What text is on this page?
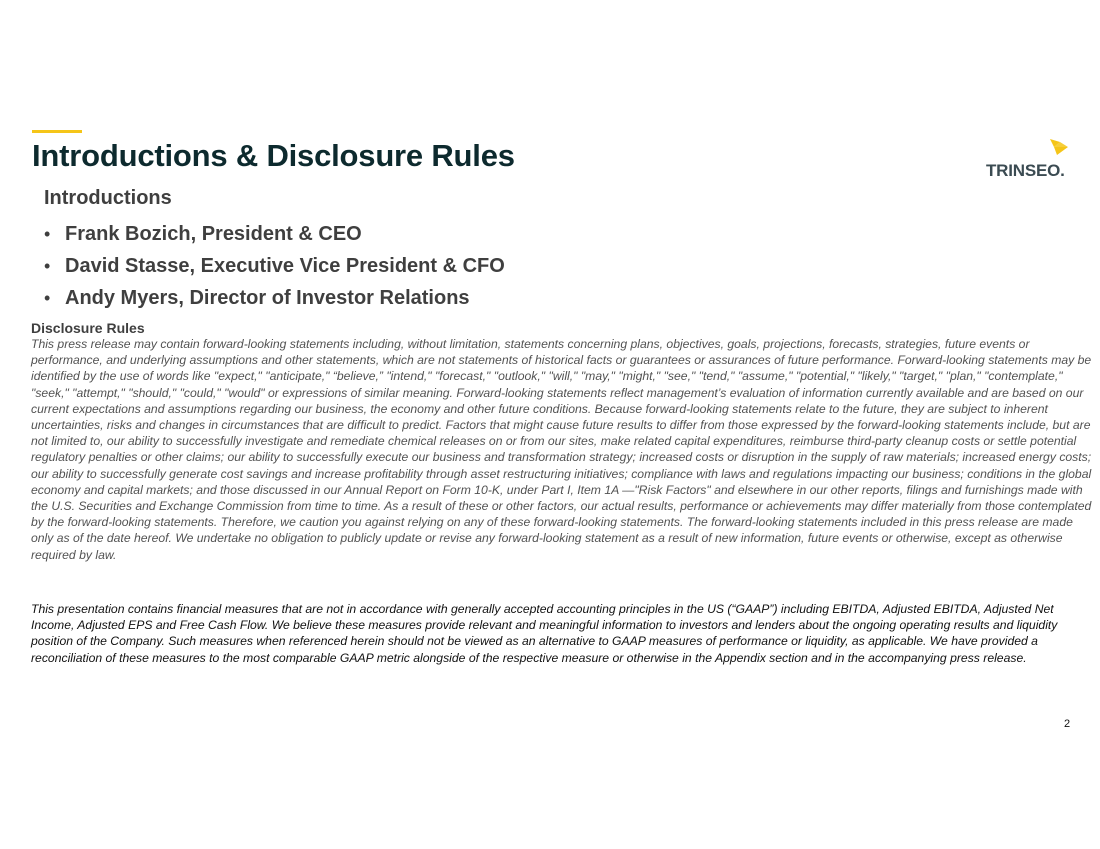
Introductions & Disclosure Rules	TRINSEO.
Introductions
• Frank Bozich, President & CEO
• David Stasse, Executive Vice President & CFO
• Andy Myers, Director of Investor Relations
Disclosure Rules

This press release may contain forward-looking statements including, without limitation, statements concerning plans, objectives, goals, projections, forecasts, strategies, future events or performance, and underlying assumptions and other statements, which are not statements of historical facts or guarantees or assurances of future performance. Forward-looking statements may be identified by the use of words like "expect," "anticipate," “believe,” "intend," "forecast," "outlook," "will," "may," "might," "see," "tend," "assume," "potential," "likely," "target," "plan," "contemplate," "seek," "attempt," "should," "could," "would" or expressions of similar meaning. Forward-looking statements reflect management’s evaluation of information currently available and are based on our current expectations and assumptions regarding our business, the economy and other future conditions. Because forward-looking statements relate to the future, they are subject to inherent uncertainties, risks and changes in circumstances that are difficult to predict. Factors that might cause future results to differ from those expressed by the forward-looking statements include, but are not limited to, our ability to successfully investigate and remediate chemical releases on or from our sites, make related capital expenditures, reimburse third-party cleanup costs or settle potential regulatory penalties or other claims; our ability to successfully execute our business and transformation strategy; increased costs or disruption in the supply of raw materials; increased energy costs; our ability to successfully generate cost savings and increase profitability through asset restructuring initiatives; compliance with laws and regulations impacting our business; conditions in the global economy and capital markets; and those discussed in our Annual Report on Form 10-K, under Part I, Item 1A —"Risk Factors" and elsewhere in our other reports, filings and furnishings made with the U.S. Securities and Exchange Commission from time to time. As a result of these or other factors, our actual results, performance or achievements may differ materially from those contemplated by the forward-looking statements. Therefore, we caution you against relying on any of these forward-looking statements. The forward-looking statements included in this press release are made only as of the date hereof. We undertake no obligation to publicly update or revise any forward-looking statement as a result of new information, future events or otherwise, except as otherwise required by law.

This presentation contains financial measures that are not in accordance with generally accepted accounting principles in the US (“GAAP”) including EBITDA, Adjusted EBITDA, Adjusted Net Income, Adjusted EPS and Free Cash Flow. We believe these measures provide relevant and meaningful information to investors and lenders about the ongoing operating results and liquidity position of the Company. Such measures when referenced herein should not be viewed as an alternative to GAAP measures of performance or liquidity, as applicable. We have provided a reconciliation of these measures to the most comparable GAAP metric alongside of the respective measure or otherwise in the Appendix section and in the accompanying press release.

2
